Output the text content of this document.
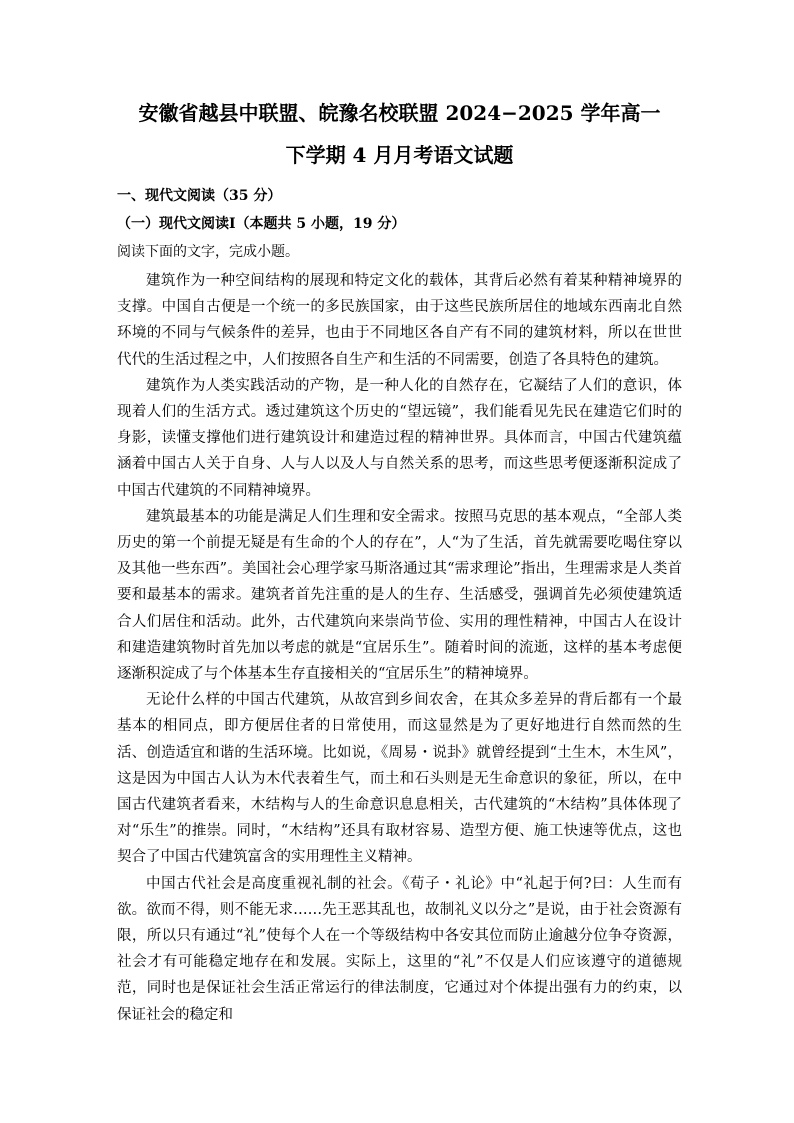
安徽省越县中联盟、皖豫名校联盟 2024−2025 学年高一
下学期 4 月月考语文试题
一、现代文阅读（35 分）
（一）现代文阅读Ⅰ（本题共 5 小题，19 分）
阅读下面的文字，完成小题。

建筑作为一种空间结构的展现和特定文化的载体，其背后必然有着某种精神境界的支撑。中国自古便是一个统一的多民族国家，由于这些民族所居住的地域东西南北自然环境的不同与气候条件的差异，也由于不同地区各自产有不同的建筑材料，所以在世世代代的生活过程之中，人们按照各自生产和生活的不同需要，创造了各具特色的建筑。

建筑作为人类实践活动的产物，是一种人化的自然存在，它凝结了人们的意识，体现着人们的生活方式。透过建筑这个历史的“望远镜”，我们能看见先民在建造它们时的身影，读懂支撑他们进行建筑设计和建造过程的精神世界。具体而言，中国古代建筑蕴涵着中国古人关于自身、人与人以及人与自然关系的思考，而这些思考便逐渐积淀成了中国古代建筑的不同精神境界。

建筑最基本的功能是满足人们生理和安全需求。按照马克思的基本观点，“全部人类历史的第一个前提无疑是有生命的个人的存在”，人“为了生活，首先就需要吃喝住穿以及其他一些东西”。美国社会心理学家马斯洛通过其“需求理论”指出，生理需求是人类首要和最基本的需求。建筑者首先注重的是人的生存、生活感受，强调首先必须使建筑适合人们居住和活动。此外，古代建筑向来崇尚节俭、实用的理性精神，中国古人在设计和建造建筑物时首先加以考虑的就是“宜居乐生”。随着时间的流逝，这样的基本考虑便逐渐积淀成了与个体基本生存直接相关的“宜居乐生”的精神境界。

无论什么样的中国古代建筑，从故宫到乡间农舍，在其众多差异的背后都有一个最基本的相同点，即方便居住者的日常使用，而这显然是为了更好地进行自然而然的生活、创造适宜和谐的生活环境。比如说，《周易・说卦》就曾经提到“土生木，木生风”，这是因为中国古人认为木代表着生气，而土和石头则是无生命意识的象征，所以，在中国古代建筑者看来，木结构与人的生命意识息息相关，古代建筑的“木结构”具体体现了对“乐生”的推崇。同时，“木结构”还具有取材容易、造型方便、施工快速等优点，这也契合了中国古代建筑富含的实用理性主义精神。

中国古代社会是高度重视礼制的社会。《荀子・礼论》中“礼起于何?曰：人生而有欲。欲而不得，则不能无求……先王恶其乱也，故制礼义以分之”是说，由于社会资源有限，所以只有通过“礼”使每个人在一个等级结构中各安其位而防止逾越分位争夺资源，社会才有可能稳定地存在和发展。实际上，这里的“礼”不仅是人们应该遵守的道德规范，同时也是保证社会生活正常运行的律法制度，它通过对个体提出强有力的约束，以保证社会的稳定和
